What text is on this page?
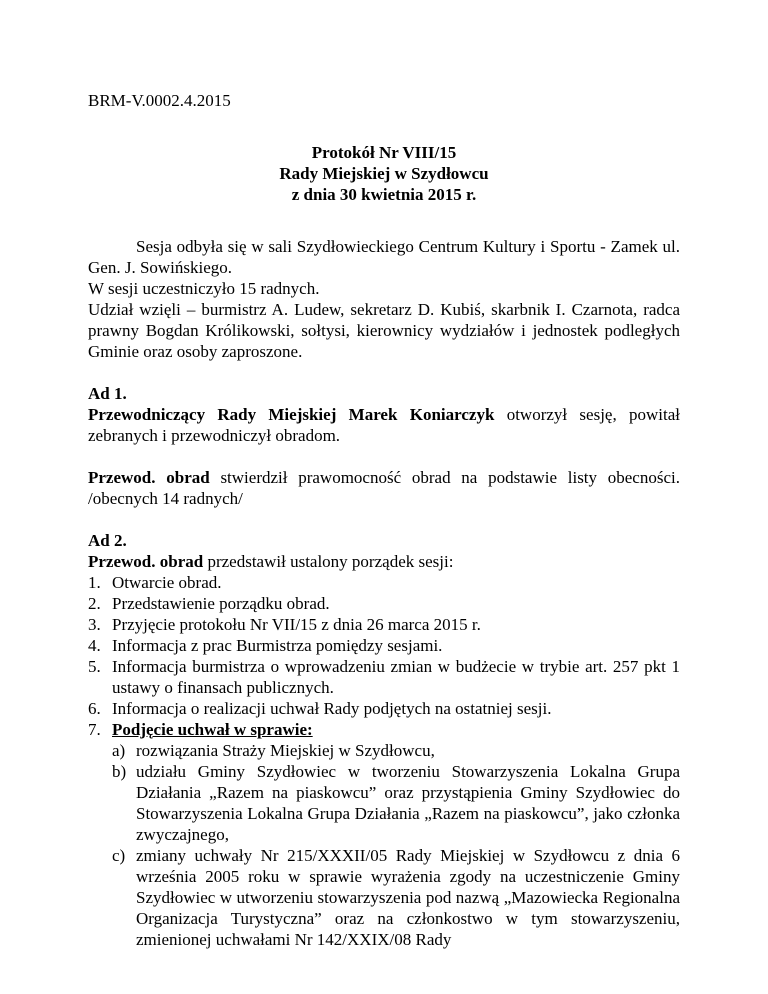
BRM-V.0002.4.2015
Protokół Nr VIII/15
Rady Miejskiej w Szydłowcu
z dnia 30 kwietnia 2015 r.

Sesja odbyła się w sali Szydłowieckiego Centrum Kultury i Sportu - Zamek ul. Gen. J. Sowińskiego.

W sesji uczestniczyło 15 radnych.

Udział wzięli – burmistrz A. Ludew, sekretarz D. Kubiś, skarbnik I. Czarnota, radca prawny Bogdan Królikowski, sołtysi, kierownicy wydziałów i jednostek podległych Gminie oraz osoby zaproszone.

Ad 1.

Przewodniczący Rady Miejskiej Marek Koniarczyk otworzył sesję, powitał zebranych i przewodniczył obradom.

Przewod. obrad stwierdził prawomocność obrad na podstawie listy obecności. /obecnych 14 radnych/

Ad 2.

Przewod. obrad przedstawił ustalony porządek sesji:

1. Otwarcie obrad.
2. Przedstawienie porządku obrad.
3. Przyjęcie protokołu Nr VII/15 z dnia 26 marca 2015 r.
4. Informacja z prac Burmistrza pomiędzy sesjami.
5. Informacja burmistrza o wprowadzeniu zmian w budżecie w trybie art. 257 pkt 1 ustawy o finansach publicznych.
6. Informacja o realizacji uchwał Rady podjętych na ostatniej sesji.
7. Podjęcie uchwał w sprawie:
a) rozwiązania Straży Miejskiej w Szydłowcu,
b) udziału Gminy Szydłowiec w tworzeniu Stowarzyszenia Lokalna Grupa Działania „Razem na piaskowcu” oraz przystąpienia Gminy Szydłowiec do Stowarzyszenia Lokalna Grupa Działania „Razem na piaskowcu”, jako członka zwyczajnego,
c) zmiany uchwały Nr 215/XXXII/05 Rady Miejskiej w Szydłowcu z dnia 6 września 2005 roku w sprawie wyrażenia zgody na uczestniczenie Gminy Szydłowiec w utworzeniu stowarzyszenia pod nazwą „Mazowiecka Regionalna Organizacja Turystyczna” oraz na członkostwo w tym stowarzyszeniu, zmienionej uchwałami Nr 142/XXIX/08 Rady
